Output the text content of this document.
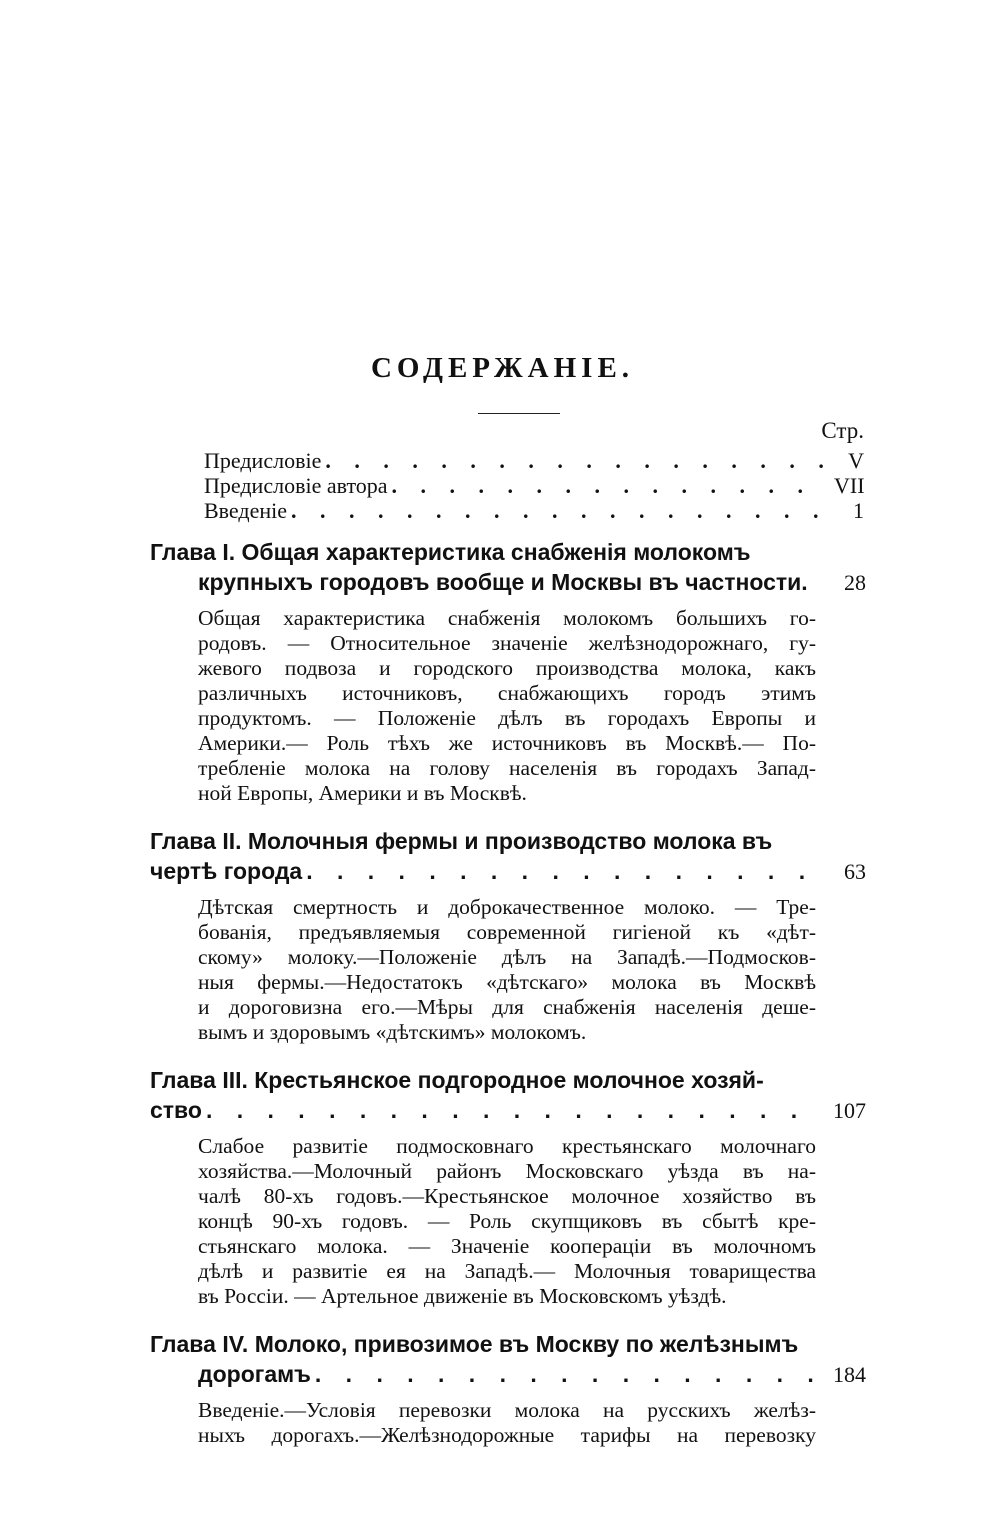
СОДЕРЖАНІЕ.
Стр.
Предисловіе . . .	V
Предисловіе автора . . .	VII
Введеніе . . .	1
Глава I.
Общая характеристика снабженія молокомъ
крупныхъ городовъ вообще и Москвы въ частности.	28
Общая характеристика снабженія молокомъ большихъ го-
родовъ. — Относительное значеніе желѣзнодорожнаго, гу-
жевого подвоза и городского производства молока, какъ
различныхъ источниковъ, снабжающихъ городъ этимъ
продуктомъ. — Положеніе дѣлъ въ городахъ Европы и
Америки.— Роль тѣхъ же источниковъ въ Москвѣ.— По-
требленіе молока на голову населенія въ городахъ Запад-
ной Европы, Америки и въ Москвѣ.
Глава II.
Молочныя фермы и производство молока въ
чертѣ города . . .	63
Дѣтская смертность и доброкачественное молоко. — Тре-
бованія, предъявляемыя современной гигіеной къ «дѣт-
скому» молоку.—Положеніе дѣлъ на Западѣ.—Подмосков-
ныя фермы.—Недостатокъ «дѣтскаго» молока въ Москвѣ
и дороговизна его.—Мѣры для снабженія населенія деше-
вымъ и здоровымъ «дѣтскимъ» молокомъ.
Глава III.
Крестьянское подгородное молочное хозяй-
ство . . .	107
Слабое развитіе подмосковнаго крестьянскаго молочнаго
хозяйства.—Молочный районъ Московскаго уѣзда въ на-
чалѣ 80-хъ годовъ.—Крестьянское молочное хозяйство въ
концѣ 90-хъ годовъ. — Роль скупщиковъ въ сбытѣ кре-
стьянскаго молока. — Значеніе коопераціи въ молочномъ
дѣлѣ и развитіе ея на Западѣ.— Молочныя товарищества
въ Россіи. — Артельное движеніе въ Московскомъ уѣздѣ.
Глава IV.
Молоко, привозимое въ Москву по желѣзнымъ
дорогамъ . . .	184
Введеніе.—Условія перевозки молока на русскихъ желѣз-
ныхъ дорогахъ.—Желѣзнодорожные тарифы на перевозку
